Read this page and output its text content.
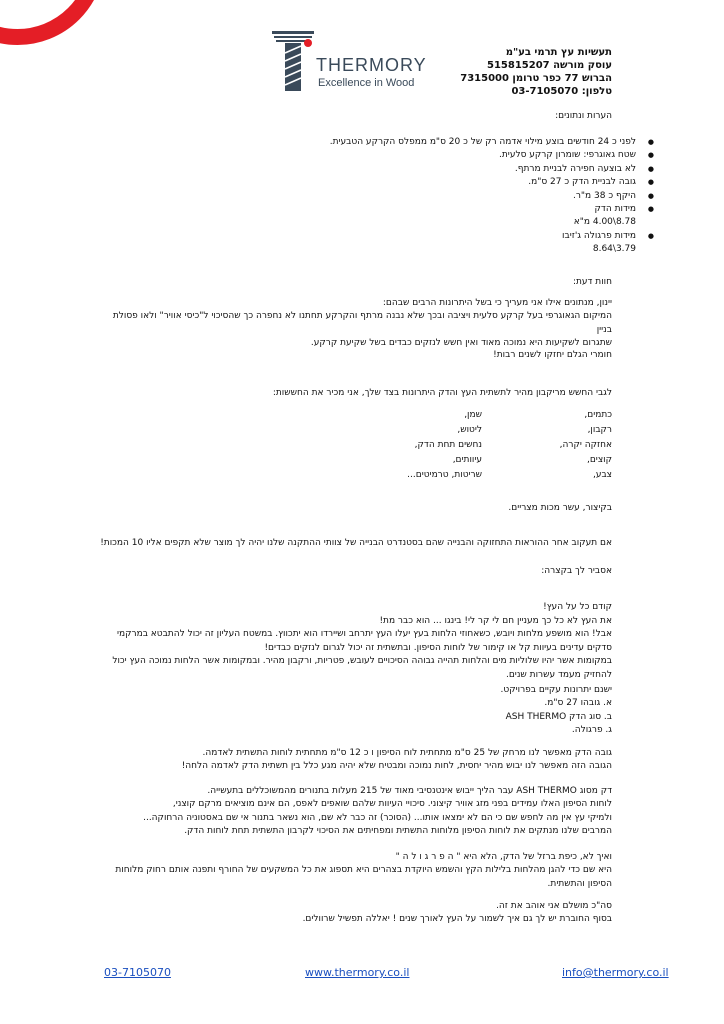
THERMORY
Excellence in Wood
תעשיות עץ תרמי בע"מ
עוסק מורשה 515815207
הברוש 77 כפר טרומן 7315000
טלפון: 03-7105070
הערות ונתונים:
● לפני כ 24 חודשים בוצע מילוי אדמה רק של כ 20 ס"מ ממפלס הקרקע הטבעית.
● שטח גאוגרפי: שומרון קרקע סלעית.
● לא בוצעה חפירה לבניית מרתף.
● גובה לבניית הדק כ 27 ס"מ.
● היקף כ 38 מ"ר.
● מידות הדק
8.78\4.00 מ"א
● מידות פרגולה ג'זיבו
3.79\8.64
חוות דעת:
יינון, מנתונים אילו אני מעריך כי בשל היתרונות הרבים שבהם:
המיקום הגאוגרפי בעל קרקע סלעית ויציבה ובכך שלא נבנה מרתף והקרקע תחתנו לא נחפרה כך שהסיכוי ל"כיסי אוויר" ולאו פסולת בניין
שתגרום לשקיעות היא נמוכה מאוד ואין חשש לנזקים כבדים בשל שקיעת קרקע.
חומרי הגלם יחזקו לשנים רבות!
לגבי החשש מריקבון מהיר לתשתית העץ והדק היתרונות בצד שלך, אני מכיר את החששות:
כתמים,
שמן,
רקבון,
ליטוש,
אחזקה יקרה,
נחשים תחת הדק,
קוצים,
עיוותים,
צבע,
שריטות, טרמיטים...
בקיצור, עשר מכות מצריים.
אם תעקוב אחר ההוראות התחזוקה והבנייה שהם בסטנדרט הבנייה של צוותי ההתקנה שלנו יהיה לך מוצר שלא תקפים אליו 10 המכות!
אסביר לך בקצרה:
קודם כל על העץ!
את העץ לא כל כך מעניין חם לי קר לי! בינגו ... הוא כבר מת!
אבל! הוא מושפע מלחות ויובש, כשאחוזי הלחות בעץ יעלו העץ יתרחב ושיירדו הוא יתכווץ. במשטח העליון זה יכול להתבטא במרקמי
סדקים עדינים בעיוות קל או קימור של לוחות הסיפון. ובתשתית זה יכול לגרום לנזקים כבדים!
במקומות אשר יהיו שלוליות מים והלחות תהייה גבוהה הסיכויים לעובש, פטריות, ורקבון מהיר. ובמקומות אשר הלחות נמוכה העץ יכול
להחזיק מעמד עשרות שנים.
ישנם יתרונות עקיים בפרויקט.
א. גובהו 27 ס"מ.
ב. סוג הדק ASH THERMO
ג. פרגולה.
גובה הדק מאפשר לנו מרחק של 25 ס"מ מתחתית לוח הסיפון ו כ 12 ס"מ מתחתית לוחות התשתית לאדמה.
הגובה הזה מאפשר לנו יבוש מהיר יחסית, לחות נמוכה ומבטיח שלא יהיה מגע כלל בין תשתית הדק לאדמה הלחה!
דק מסוג ASH THERMO עבר הליך ייבוש אינטנסיבי מאוד של 215 מעלות בתנורים מהמשוכללים בתעשייה.
לוחות הסיפון האלו עמידים בפני מזג אוויר קיצוני. סיכויי העיוות שלהם שואפים לאפס, הם אינם מוציאים מרקם קוצני,
ולמיקי עץ אין מה לחפש שם כי הם לא ימצאו אותו... (הסוכר) זה כבר לא שם, הוא נשאר בתנור אי שם באסטוניה הרחוקה...
המרבים שלנו מנתקים את לוחות הסיפון מלוחות התשתית ומפחיתים את הסיכוי לקרבון התשתית תחת לוחות הדק.
ואיך לא, כיפת ברזל של הדק, הלא היא " ה פ ר ג ו ל ה "
היא שם כדי להגן מהלחות בלילות הקץ והשמש היוקדת בצהרים היא תספוג את כל המשקעים של החורף ותפנה אותם רחוק מלוחות
הסיפון והתשתית.
סה"כ מושלם אני אוהב את זה.
בסוף החוברת יש לך גם איך לשמור על העץ לאורך שנים ! יאללה תפשיל שרוולים.
03-7105070	www.thermory.co.il	info@thermory.co.il
